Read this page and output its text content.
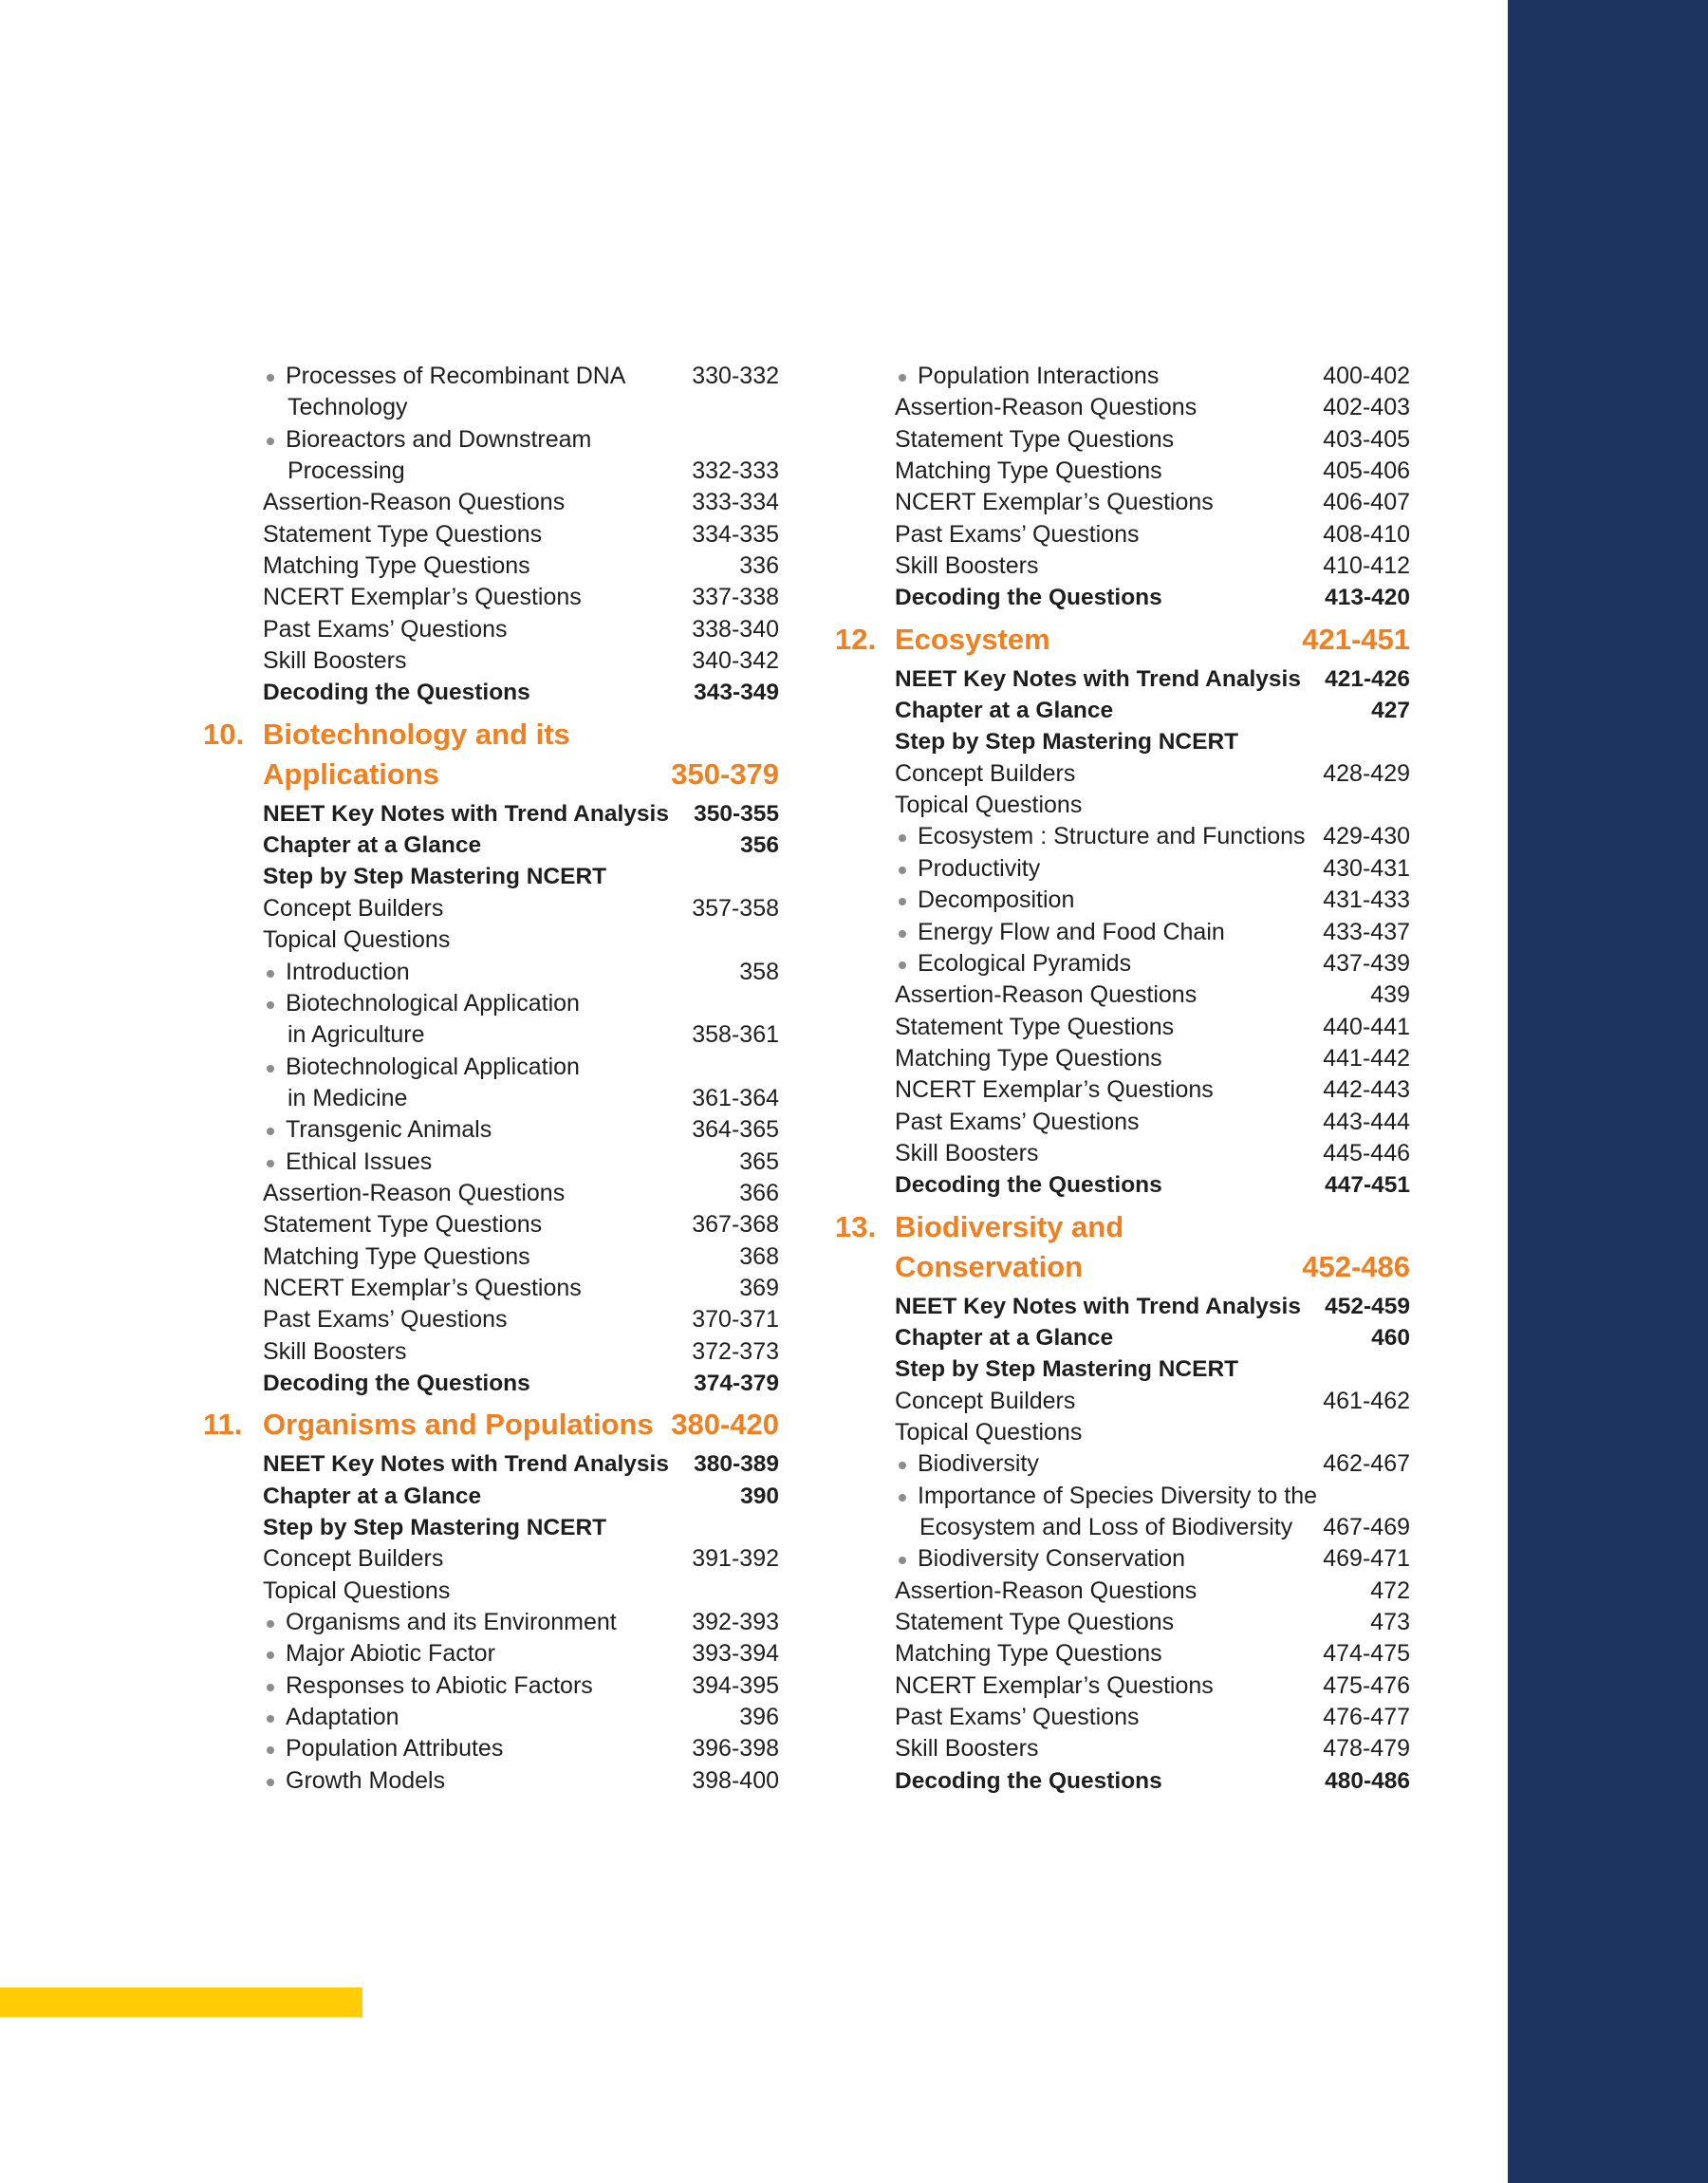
Processes of Recombinant DNA	330-332
Technology
Bioreactors and Downstream
Processing	332-333
Assertion-Reason Questions	333-334
Statement Type Questions	334-335
Matching Type Questions	336
NCERT Exemplar’s Questions	337-338
Past Exams’ Questions	338-340
Skill Boosters	340-342
Decoding the Questions	343-349
10. Biotechnology and its
Applications	350-379
NEET Key Notes with Trend Analysis 350-355
Chapter at a Glance	356
Step by Step Mastering NCERT
Concept Builders	357-358
Topical Questions
Introduction	358
Biotechnological Application
in Agriculture	358-361
Biotechnological Application
in Medicine	361-364
Transgenic Animals	364-365
Ethical Issues	365
Assertion-Reason Questions	366
Statement Type Questions	367-368
Matching Type Questions	368
NCERT Exemplar’s Questions	369
Past Exams’ Questions	370-371
Skill Boosters	372-373
Decoding the Questions	374-379
11. Organisms and Populations 380-420
NEET Key Notes with Trend Analysis 380-389
Chapter at a Glance	390
Step by Step Mastering NCERT
Concept Builders	391-392
Topical Questions
Organisms and its Environment	392-393
Major Abiotic Factor	393-394
Responses to Abiotic Factors	394-395
Adaptation	396
Population Attributes	396-398
Growth Models	398-400
Population Interactions	400-402
Assertion-Reason Questions	402-403
Statement Type Questions	403-405
Matching Type Questions	405-406
NCERT Exemplar’s Questions	406-407
Past Exams’ Questions	408-410
Skill Boosters	410-412
Decoding the Questions	413-420
12. Ecosystem	421-451
NEET Key Notes with Trend Analysis 421-426
Chapter at a Glance	427
Step by Step Mastering NCERT
Concept Builders	428-429
Topical Questions
Ecosystem : Structure and Functions 429-430
Productivity	430-431
Decomposition	431-433
Energy Flow and Food Chain	433-437
Ecological Pyramids	437-439
Assertion-Reason Questions	439
Statement Type Questions	440-441
Matching Type Questions	441-442
NCERT Exemplar’s Questions	442-443
Past Exams’ Questions	443-444
Skill Boosters	445-446
Decoding the Questions	447-451
13. Biodiversity and
Conservation	452-486
NEET Key Notes with Trend Analysis 452-459
Chapter at a Glance	460
Step by Step Mastering NCERT
Concept Builders	461-462
Topical Questions
Biodiversity	462-467
Importance of Species Diversity to the
Ecosystem and Loss of Biodiversity 467-469
Biodiversity Conservation	469-471
Assertion-Reason Questions	472
Statement Type Questions	473
Matching Type Questions	474-475
NCERT Exemplar’s Questions	475-476
Past Exams’ Questions	476-477
Skill Boosters	478-479
Decoding the Questions	480-486
